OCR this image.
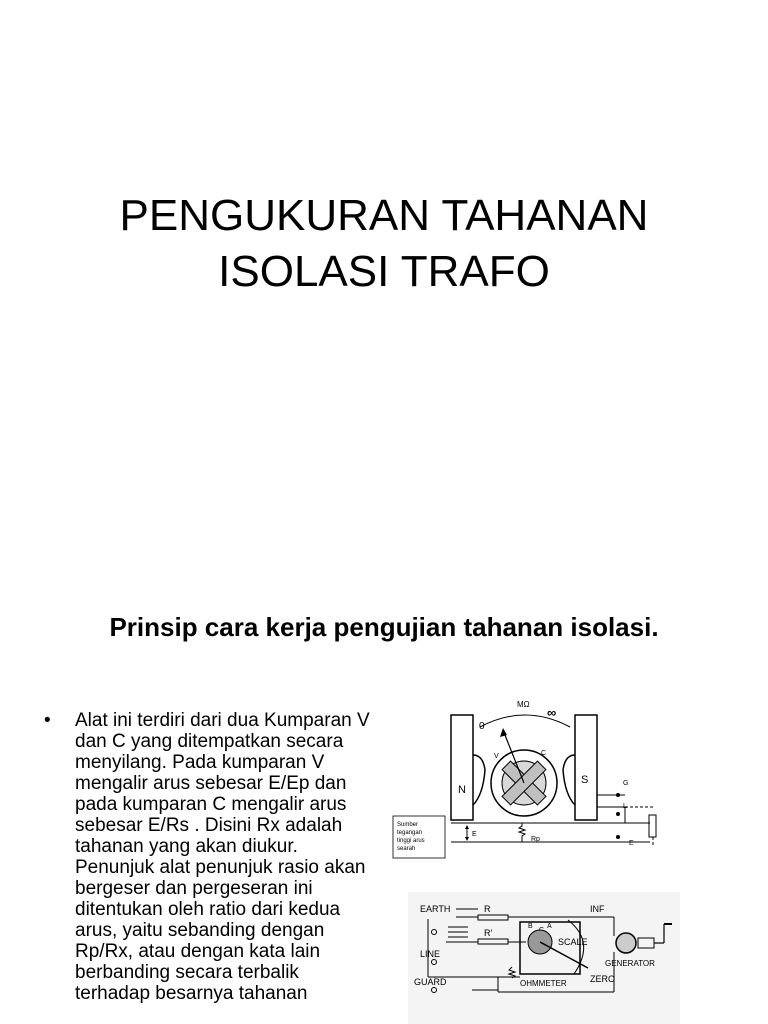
PENGUKURAN TAHANAN
ISOLASI TRAFO
Prinsip cara kerja pengujian tahanan isolasi.
• Alat ini terdiri dari dua Kumparan V dan C yang ditempatkan secara menyilang. Pada kumparan V mengalir arus sebesar E/Ep dan pada kumparan C mengalir arus sebesar E/Rs . Disini Rx adalah tahanan yang akan diukur. Penunjuk alat penunjuk rasio akan bergeser dan pergeseran ini ditentukan oleh ratio dari kedua arus, yaitu sebanding dengan Rp/Rx, atau dengan kata lain berbanding secara terbalik terhadap besarnya tahanan
N
S
MΩ
0
∞
V	C
G
L
E
E
Rp
Sumber
tegangan
tinggi arus
searah
EARTH	R
R'
INF
LINE
GUARD
SCALE
GENERATOR
OHMMETER	ZERO
B A
